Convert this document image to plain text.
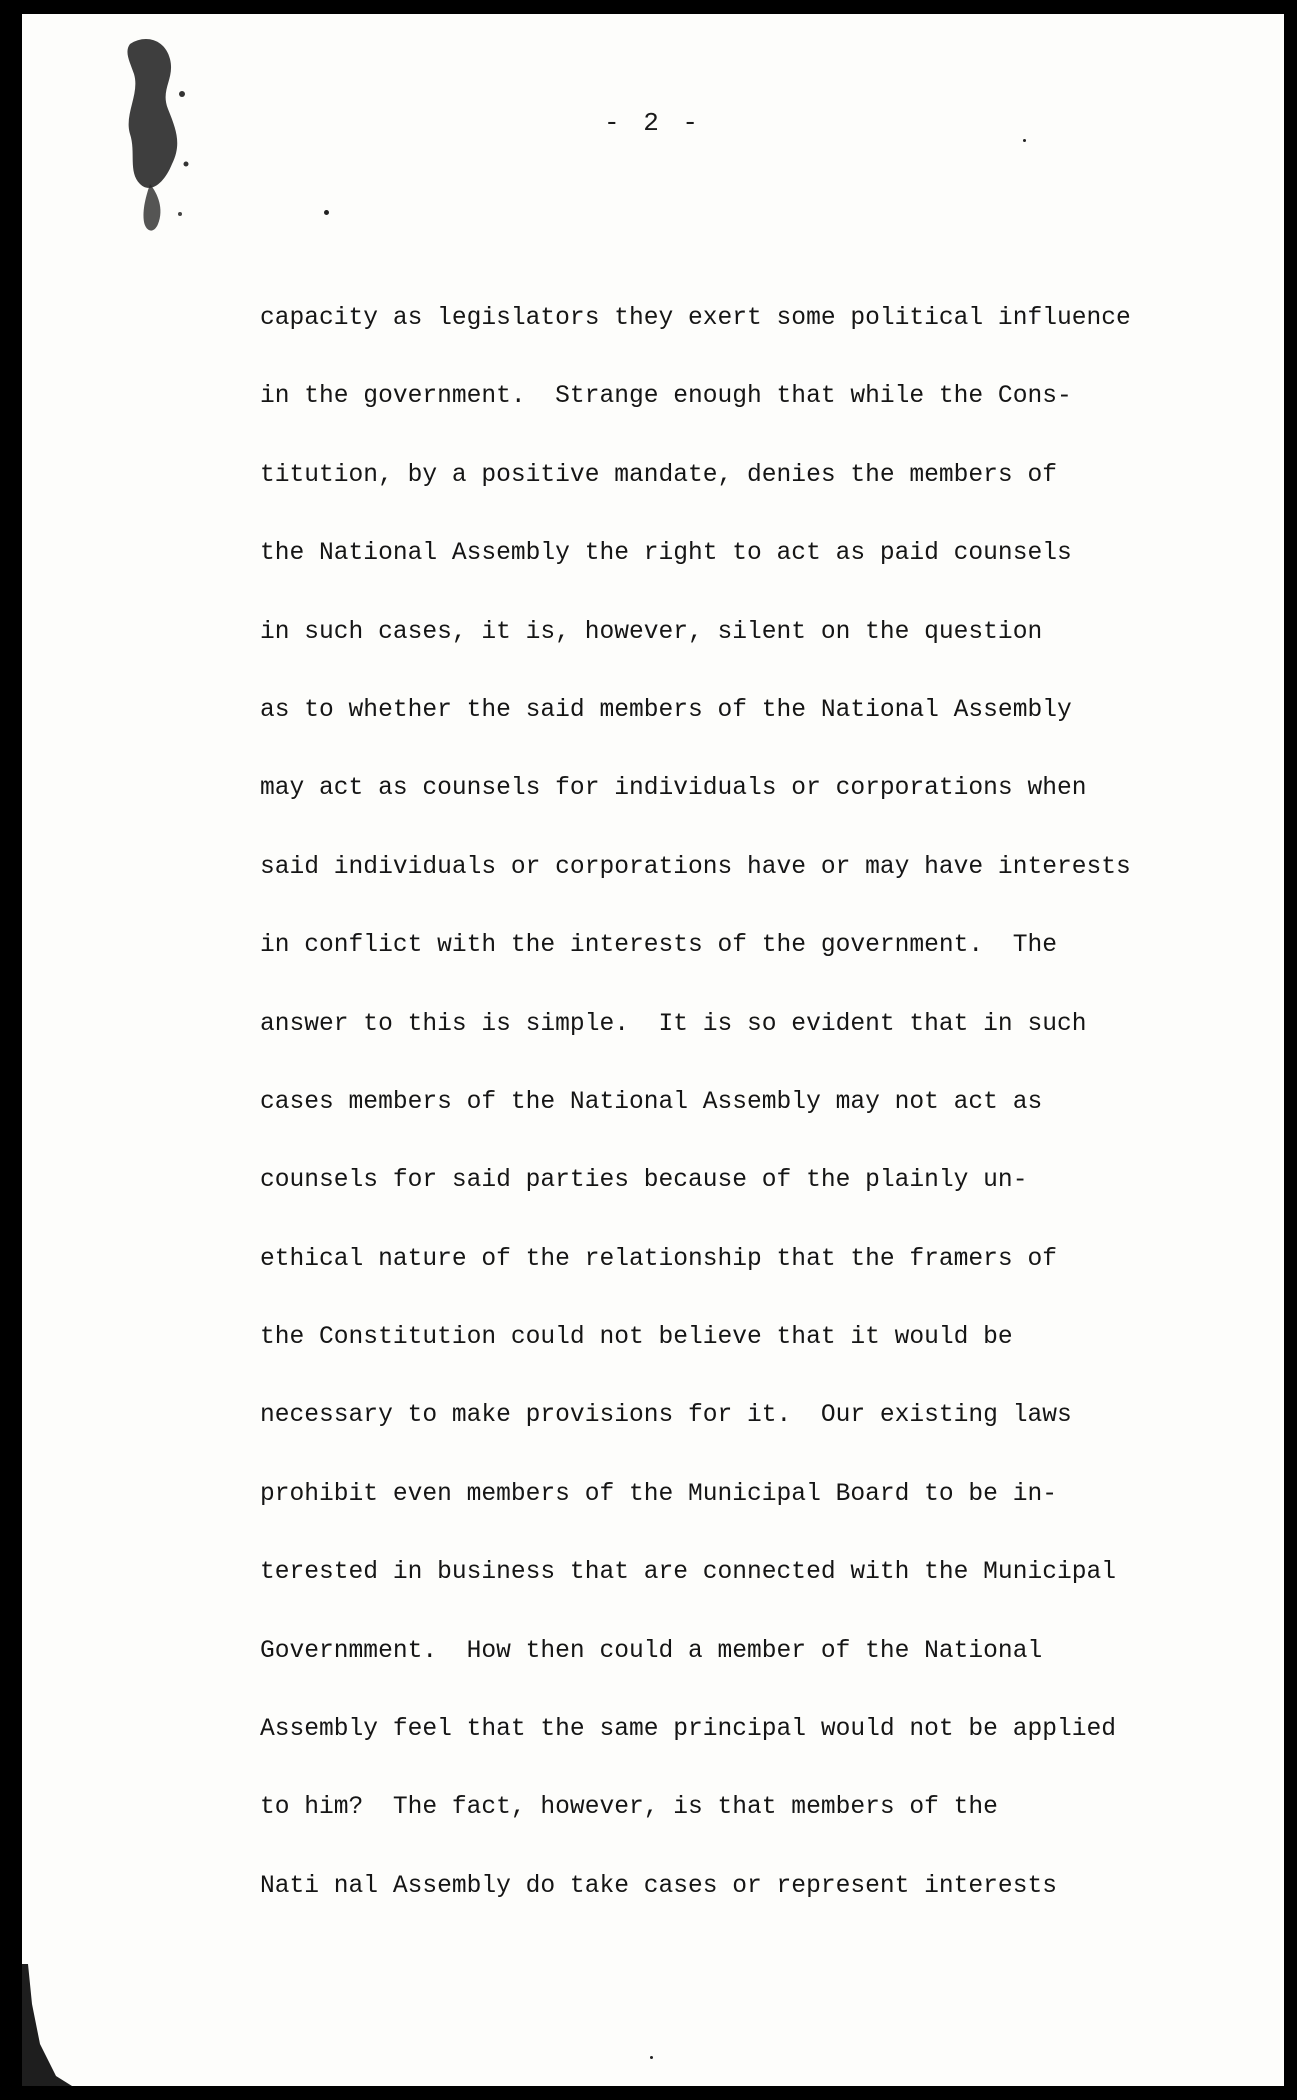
- 2 -
capacity as legislators they exert some political influence
in the government.  Strange enough that while the Cons-
titution, by a positive mandate, denies the members of
the National Assembly the right to act as paid counsels
in such cases, it is, however, silent on the question
as to whether the said members of the National Assembly
may act as counsels for individuals or corporations when
said individuals or corporations have or may have interests
in conflict with the interests of the government.  The
answer to this is simple.  It is so evident that in such
cases members of the National Assembly may not act as
counsels for said parties because of the plainly un-
ethical nature of the relationship that the framers of
the Constitution could not believe that it would be
necessary to make provisions for it.  Our existing laws
prohibit even members of the Municipal Board to be in-
terested in business that are connected with the Municipal
Governmment.  How then could a member of the National
Assembly feel that the same principal would not be applied
to him?  The fact, however, is that members of the
Nati nal Assembly do take cases or represent interests
